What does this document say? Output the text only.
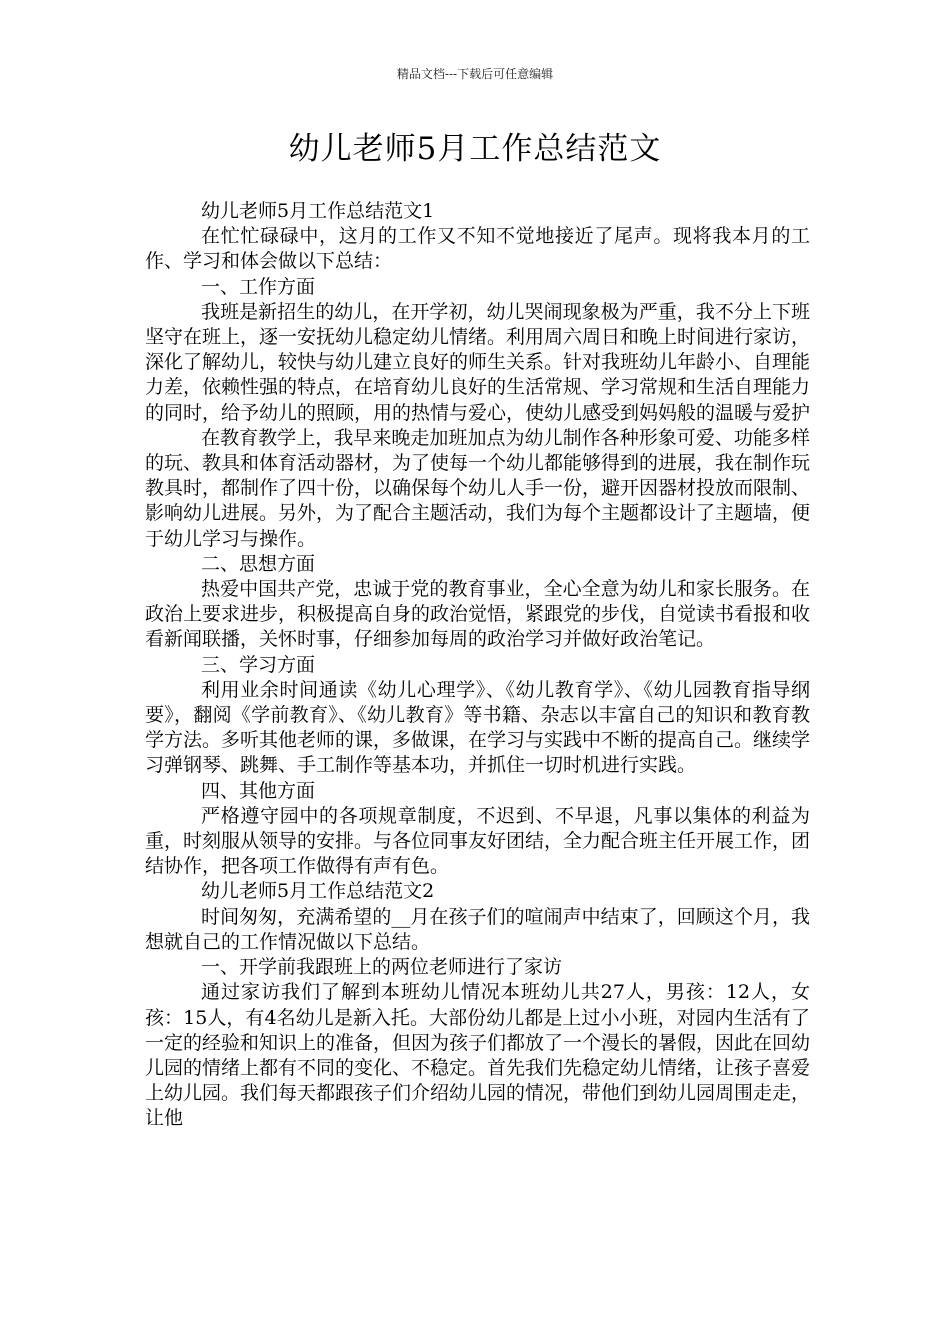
精品文档---下载后可任意编辑
幼儿老师5月工作总结范文

幼儿老师5月工作总结范文1

在忙忙碌碌中，这月的工作又不知不觉地接近了尾声。现将我本月的工作、学习和体会做以下总结：

一、工作方面

我班是新招生的幼儿，在开学初，幼儿哭闹现象极为严重，我不分上下班坚守在班上，逐一安抚幼儿稳定幼儿情绪。利用周六周日和晚上时间进行家访，深化了解幼儿，较快与幼儿建立良好的师生关系。针对我班幼儿年龄小、自理能力差，依赖性强的特点，在培育幼儿良好的生活常规、学习常规和生活自理能力的同时，给予幼儿的照顾，用的热情与爱心，使幼儿感受到妈妈般的温暖与爱护

在教育教学上，我早来晚走加班加点为幼儿制作各种形象可爱、功能多样的玩、教具和体育活动器材，为了使每一个幼儿都能够得到的进展，我在制作玩教具时，都制作了四十份，以确保每个幼儿人手一份，避开因器材投放而限制、影响幼儿进展。另外，为了配合主题活动，我们为每个主题都设计了主题墙，便于幼儿学习与操作。

二、思想方面

热爱中国共产党，忠诚于党的教育事业，全心全意为幼儿和家长服务。在政治上要求进步，积极提高自身的政治觉悟，紧跟党的步伐，自觉读书看报和收看新闻联播，关怀时事，仔细参加每周的政治学习并做好政治笔记。

三、学习方面

利用业余时间通读《幼儿心理学》、《幼儿教育学》、《幼儿园教育指导纲要》，翻阅《学前教育》、《幼儿教育》等书籍、杂志以丰富自己的知识和教育教学方法。多听其他老师的课，多做课，在学习与实践中不断的提高自己。继续学习弹钢琴、跳舞、手工制作等基本功，并抓住一切时机进行实践。

四、其他方面

严格遵守园中的各项规章制度，不迟到、不早退，凡事以集体的利益为重，时刻服从领导的安排。与各位同事友好团结，全力配合班主任开展工作，团结协作，把各项工作做得有声有色。

幼儿老师5月工作总结范文2

时间匆匆，充满希望的__月在孩子们的喧闹声中结束了，回顾这个月，我想就自己的工作情况做以下总结。

一、开学前我跟班上的两位老师进行了家访

通过家访我们了解到本班幼儿情况本班幼儿共27人，男孩：12人，女孩：15人，有4名幼儿是新入托。大部份幼儿都是上过小小班，对园内生活有了一定的经验和知识上的准备，但因为孩子们都放了一个漫长的暑假，因此在回幼儿园的情绪上都有不同的变化、不稳定。首先我们先稳定幼儿情绪，让孩子喜爱上幼儿园。我们每天都跟孩子们介绍幼儿园的情况，带他们到幼儿园周围走走，让他
